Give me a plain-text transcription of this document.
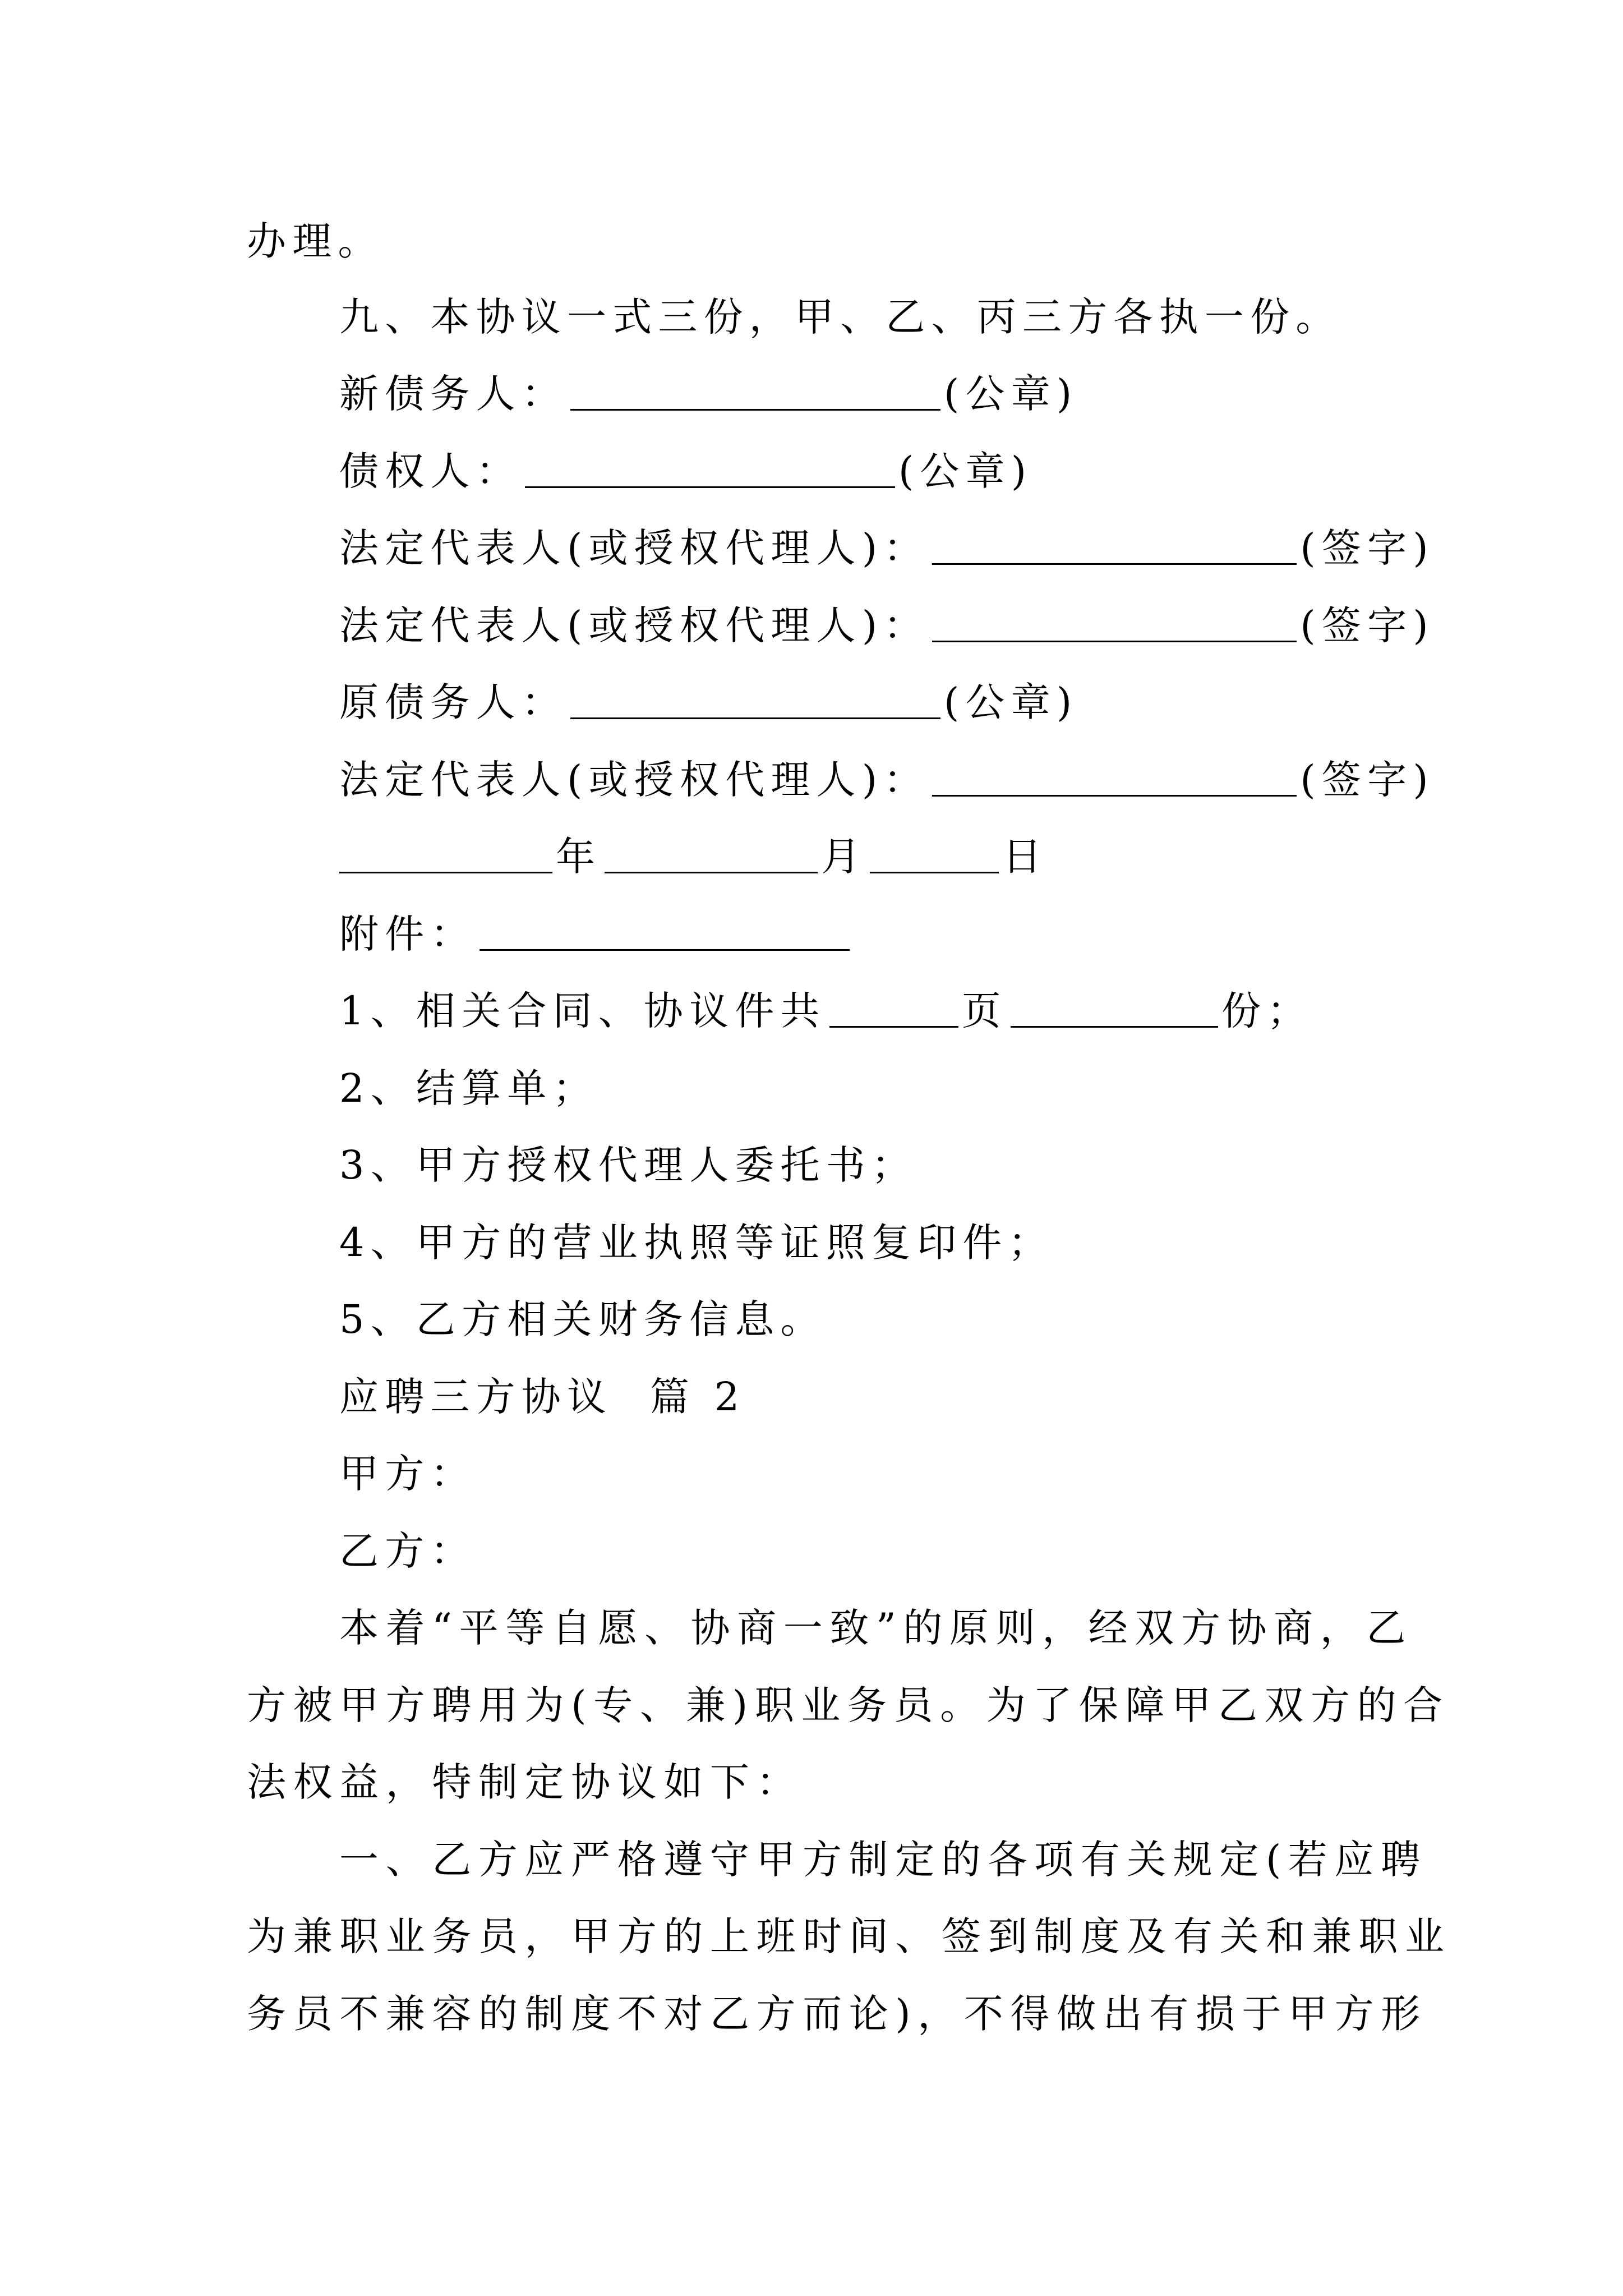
办理。
九、本协议一式三份，甲、乙、丙三方各执一份。
新债务人：	(公章)
债权人：	(公章)
法定代表人(或授权代理人)：	(签字)
法定代表人(或授权代理人)：	(签字)
原债务人：	(公章)
法定代表人(或授权代理人)：	(签字)
年	月	日
附件：
1、相关合同、协议件共	页	份；
2、结算单；
3、甲方授权代理人委托书；
4、甲方的营业执照等证照复印件；
5、乙方相关财务信息。
应聘三方协议  篇 2
甲方：
乙方：
本着“平等自愿、协商一致”的原则，经双方协商，乙
方被甲方聘用为(专、兼)职业务员。为了保障甲乙双方的合
法权益，特制定协议如下：
一、乙方应严格遵守甲方制定的各项有关规定(若应聘
为兼职业务员，甲方的上班时间、签到制度及有关和兼职业
务员不兼容的制度不对乙方而论)，不得做出有损于甲方形
